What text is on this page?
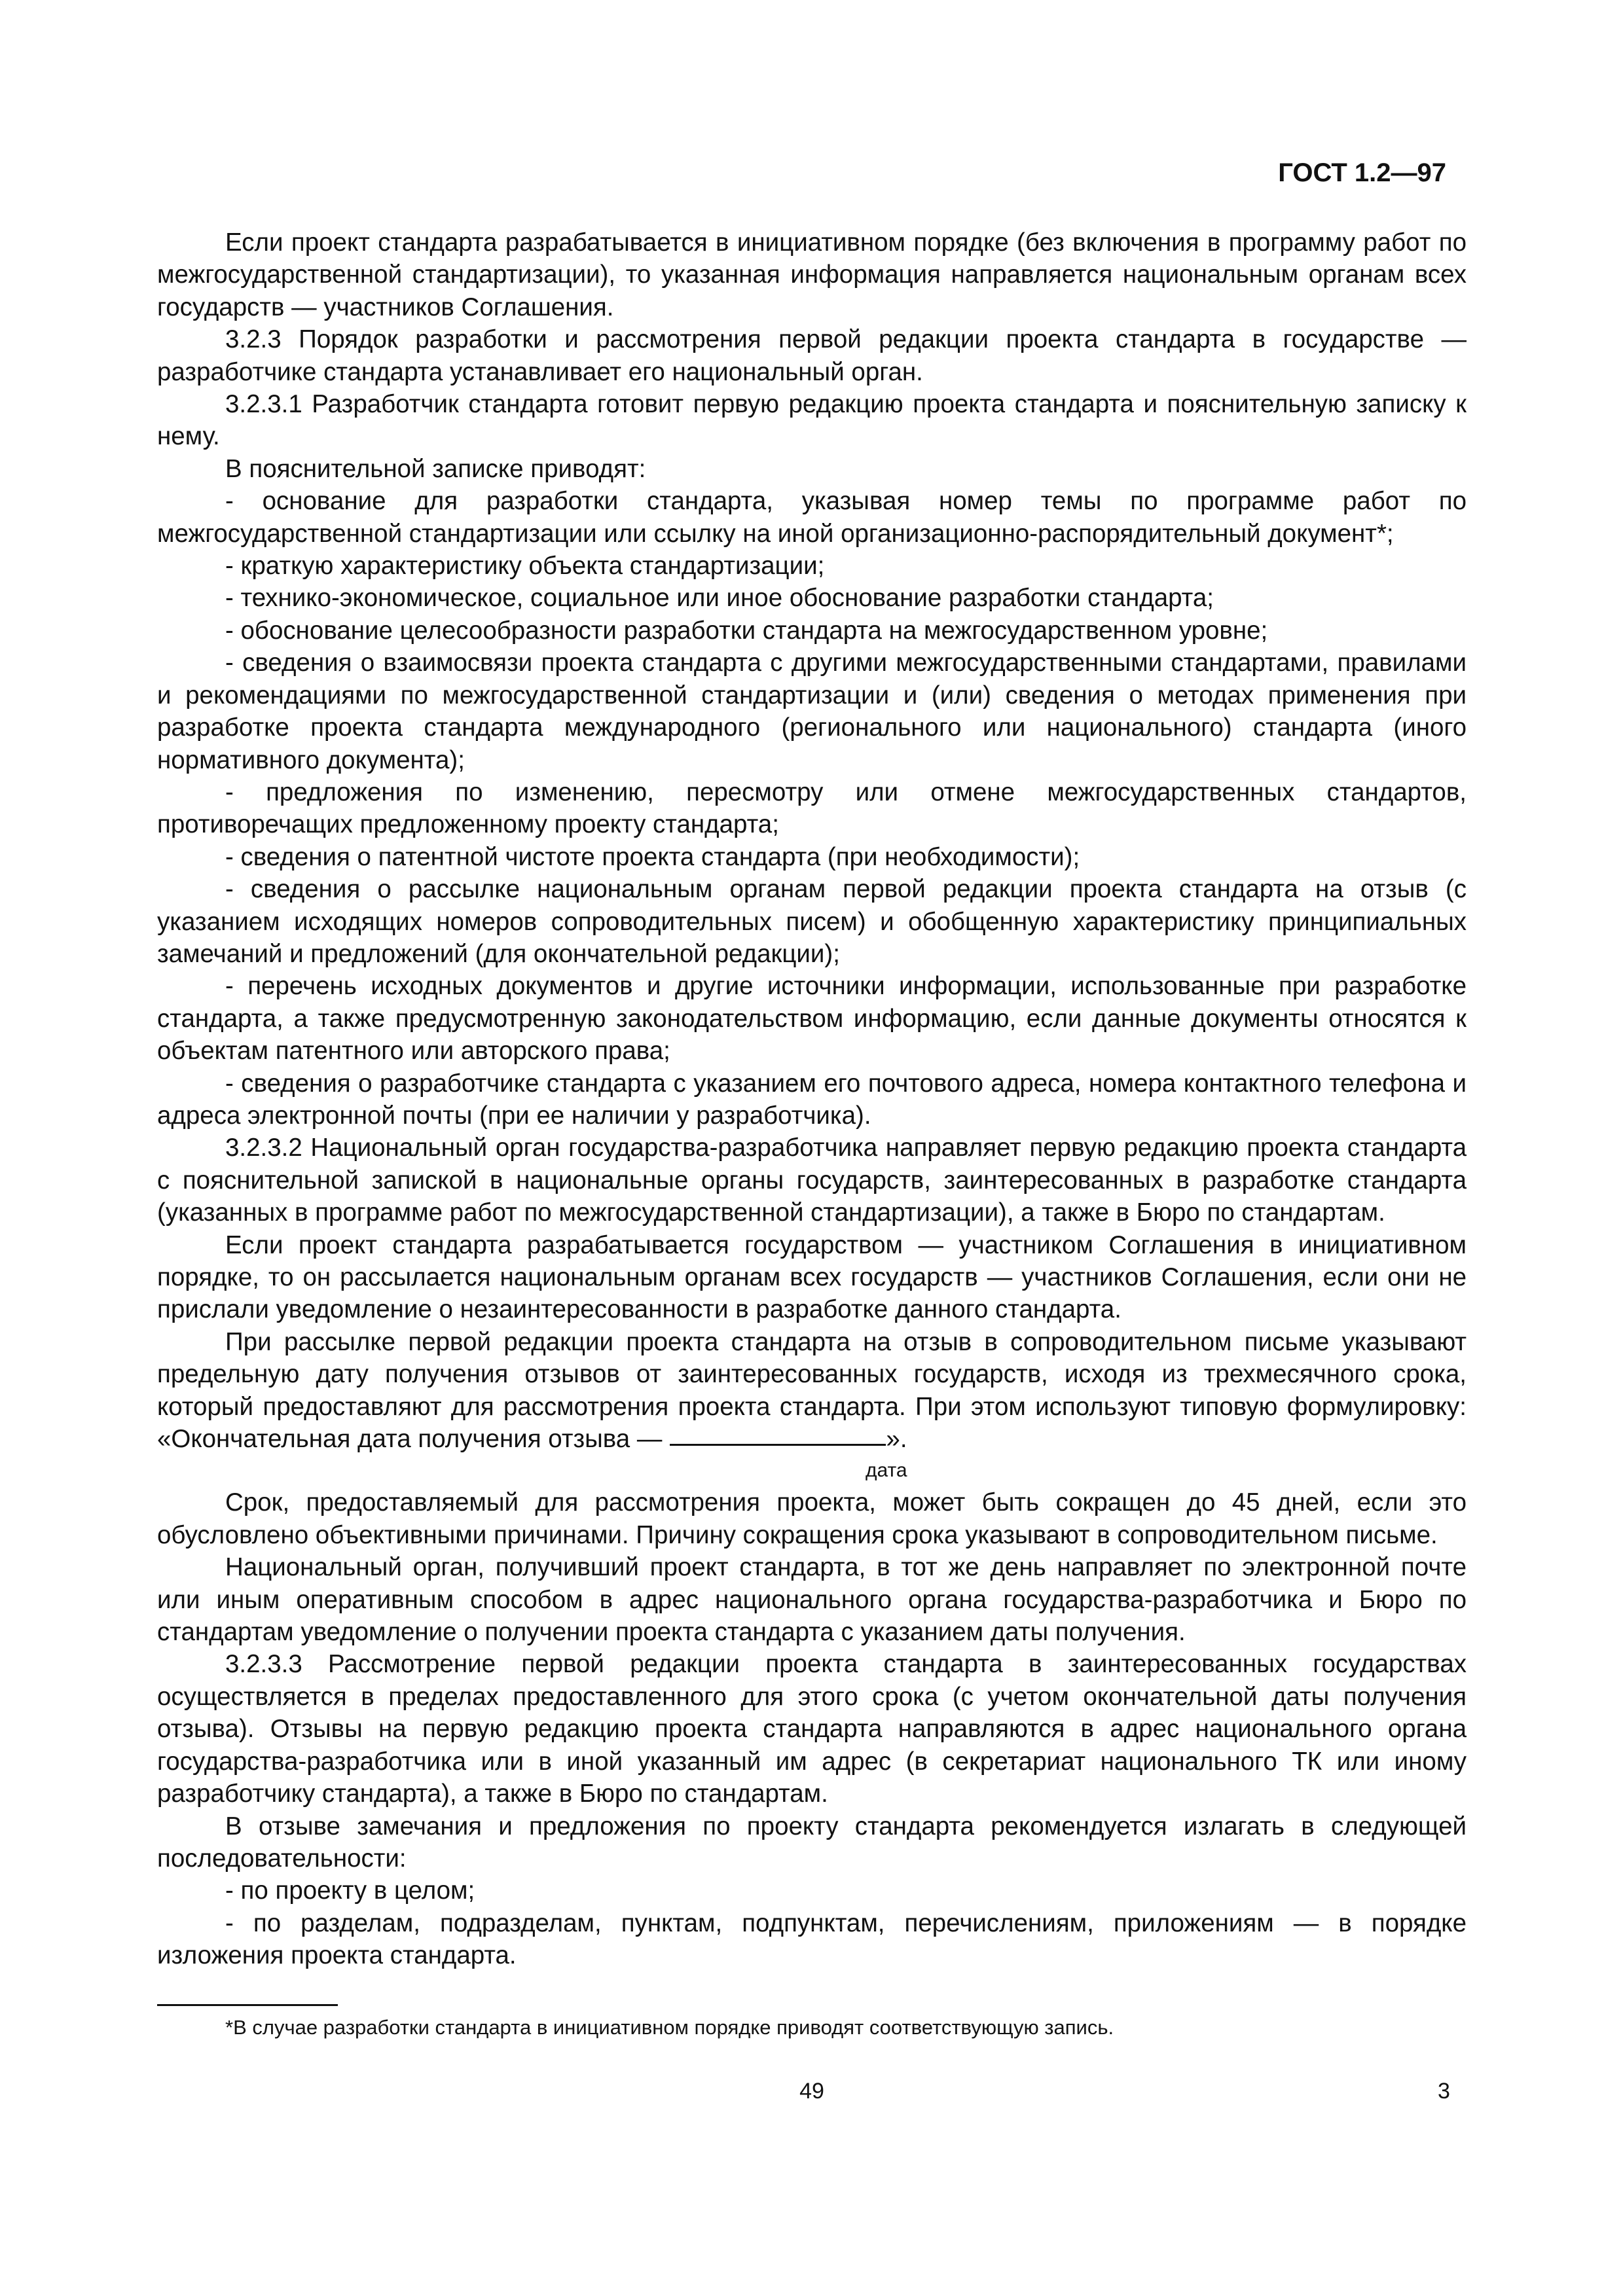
ГОСТ 1.2—97

Если проект стандарта разрабатывается в инициативном порядке (без включения в программу работ по межгосударственной стандартизации), то указанная информация направляется национальным органам всех государств — участников Соглашения.

3.2.3 Порядок разработки и рассмотрения первой редакции проекта стандарта в государстве — разработчике стандарта устанавливает его национальный орган.

3.2.3.1 Разработчик стандарта готовит первую редакцию проекта стандарта и пояснительную записку к нему.

В пояснительной записке приводят:

- основание для разработки стандарта, указывая номер темы по программе работ по межгосударственной стандартизации или ссылку на иной организационно-распорядительный документ*;

- краткую характеристику объекта стандартизации;

- технико-экономическое, социальное или иное обоснование разработки стандарта;

- обоснование целесообразности разработки стандарта на межгосударственном уровне;

- сведения о взаимосвязи проекта стандарта с другими межгосударственными стандартами, правилами и рекомендациями по межгосударственной стандартизации и (или) сведения о методах применения при разработке проекта стандарта международного (регионального или национального) стандарта (иного нормативного документа);

- предложения по изменению, пересмотру или отмене межгосударственных стандартов, противоречащих предложенному проекту стандарта;

- сведения о патентной чистоте проекта стандарта (при необходимости);

- сведения о рассылке национальным органам первой редакции проекта стандарта на отзыв (с указанием исходящих номеров сопроводительных писем) и обобщенную характеристику принципиальных замечаний и предложений (для окончательной редакции);

- перечень исходных документов и другие источники информации, использованные при разработке стандарта, а также предусмотренную законодательством информацию, если данные документы относятся к объектам патентного или авторского права;

- сведения о разработчике стандарта с указанием его почтового адреса, номера контактного телефона и адреса электронной почты (при ее наличии у разработчика).

3.2.3.2 Национальный орган государства-разработчика направляет первую редакцию проекта стандарта с пояснительной запиской в национальные органы государств, заинтересованных в разработке стандарта (указанных в программе работ по межгосударственной стандартизации), а также в Бюро по стандартам.

Если проект стандарта разрабатывается государством — участником Соглашения в инициативном порядке, то он рассылается национальным органам всех государств — участников Соглашения, если они не прислали уведомление о незаинтересованности в разработке данного стандарта.

При рассылке первой редакции проекта стандарта на отзыв в сопроводительном письме указывают предельную дату получения отзывов от заинтересованных государств, исходя из трехмесячного срока, который предоставляют для рассмотрения проекта стандарта. При этом используют типовую формулировку: «Окончательная дата получения отзыва —	».

дата

Срок, предоставляемый для рассмотрения проекта, может быть сокращен до 45 дней, если это обусловлено объективными причинами. Причину сокращения срока указывают в сопроводительном письме.

Национальный орган, получивший проект стандарта, в тот же день направляет по электронной почте или иным оперативным способом в адрес национального органа государства-разработчика и Бюро по стандартам уведомление о получении проекта стандарта с указанием даты получения.

3.2.3.3 Рассмотрение первой редакции проекта стандарта в заинтересованных государствах осуществляется в пределах предоставленного для этого срока (с учетом окончательной даты получения отзыва). Отзывы на первую редакцию проекта стандарта направляются в адрес национального органа государства-разработчика или в иной указанный им адрес (в секретариат национального ТК или иному разработчику стандарта), а также в Бюро по стандартам.

В отзыве замечания и предложения по проекту стандарта рекомендуется излагать в следующей последовательности:

- по проекту в целом;

- по разделам, подразделам, пунктам, подпунктам, перечислениям, приложениям — в порядке изложения проекта стандарта.

*В случае разработки стандарта в инициативном порядке приводят соответствующую запись.
49	3
